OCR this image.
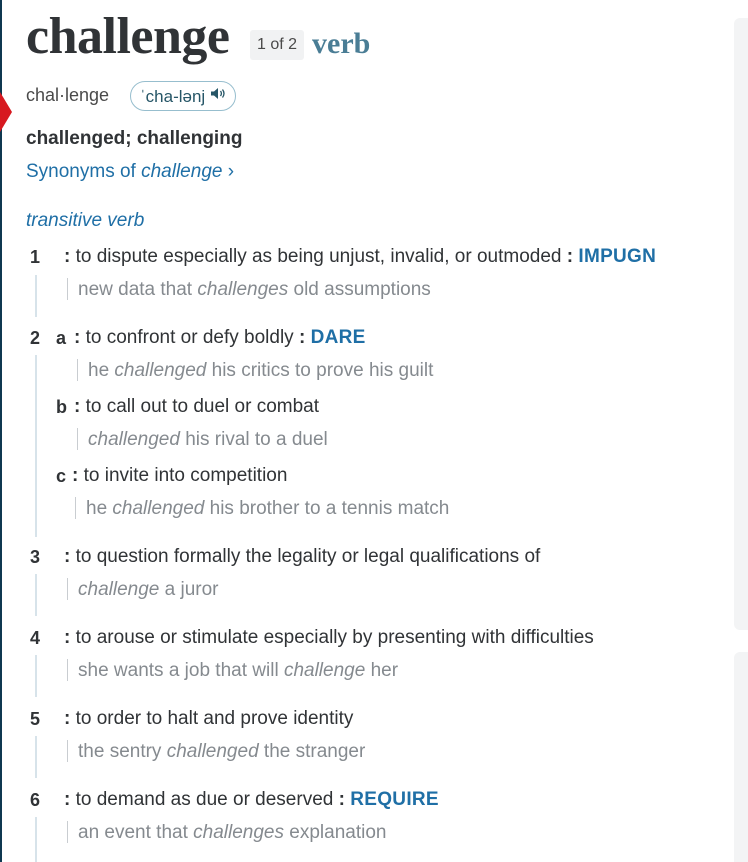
challenge	1 of 2 verb
chal·lenge ˈcha-lənj
challenged; challenging
Synonyms of challenge ›
transitive verb
1 : to dispute especially as being unjust, invalid, or outmoded : IMPUGN
new data that challenges old assumptions
2 a : to confront or defy boldly : DARE
he challenged his critics to prove his guilt
b : to call out to duel or combat
challenged his rival to a duel
c : to invite into competition
he challenged his brother to a tennis match
3 : to question formally the legality or legal qualifications of
challenge a juror
4 : to arouse or stimulate especially by presenting with difficulties
she wants a job that will challenge her
5 : to order to halt and prove identity
the sentry challenged the stranger
6 : to demand as due or deserved : REQUIRE
an event that challenges explanation
